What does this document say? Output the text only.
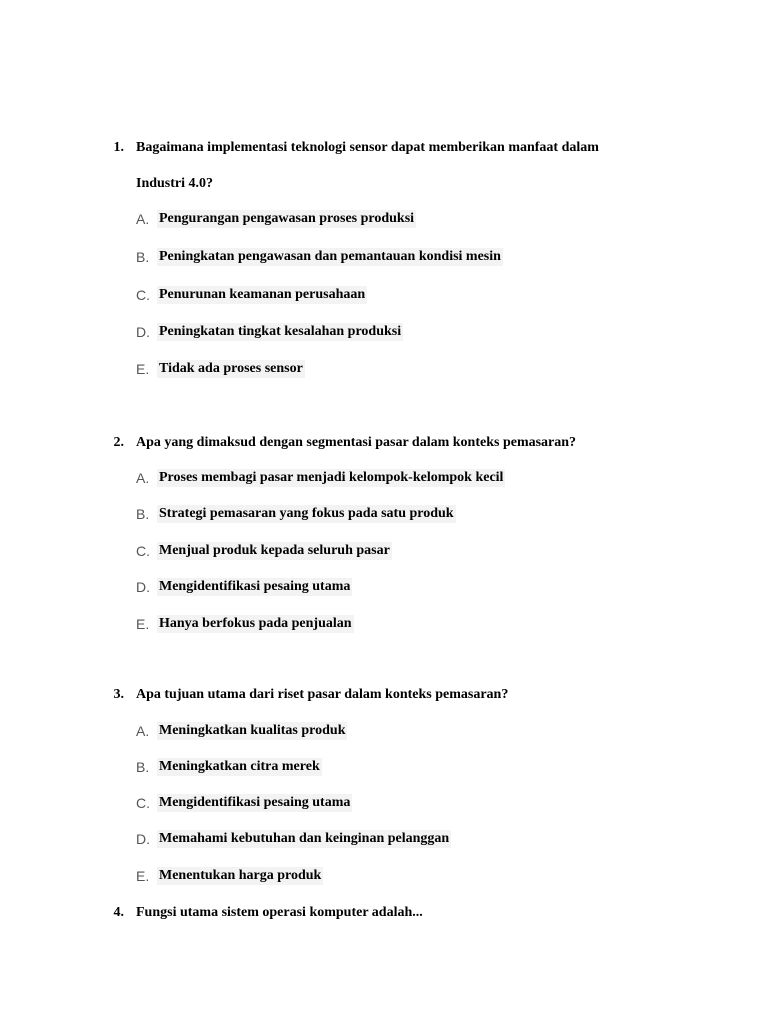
1. Bagaimana implementasi teknologi sensor dapat memberikan manfaat dalam
Industri 4.0?
A. Pengurangan pengawasan proses produksi
B. Peningkatan pengawasan dan pemantauan kondisi mesin
C. Penurunan keamanan perusahaan
D. Peningkatan tingkat kesalahan produksi
E. Tidak ada proses sensor
2. Apa yang dimaksud dengan segmentasi pasar dalam konteks pemasaran?
A. Proses membagi pasar menjadi kelompok-kelompok kecil
B. Strategi pemasaran yang fokus pada satu produk
C. Menjual produk kepada seluruh pasar
D. Mengidentifikasi pesaing utama
E. Hanya berfokus pada penjualan
3. Apa tujuan utama dari riset pasar dalam konteks pemasaran?
A. Meningkatkan kualitas produk
B. Meningkatkan citra merek
C. Mengidentifikasi pesaing utama
D. Memahami kebutuhan dan keinginan pelanggan
E. Menentukan harga produk
4. Fungsi utama sistem operasi komputer adalah...
